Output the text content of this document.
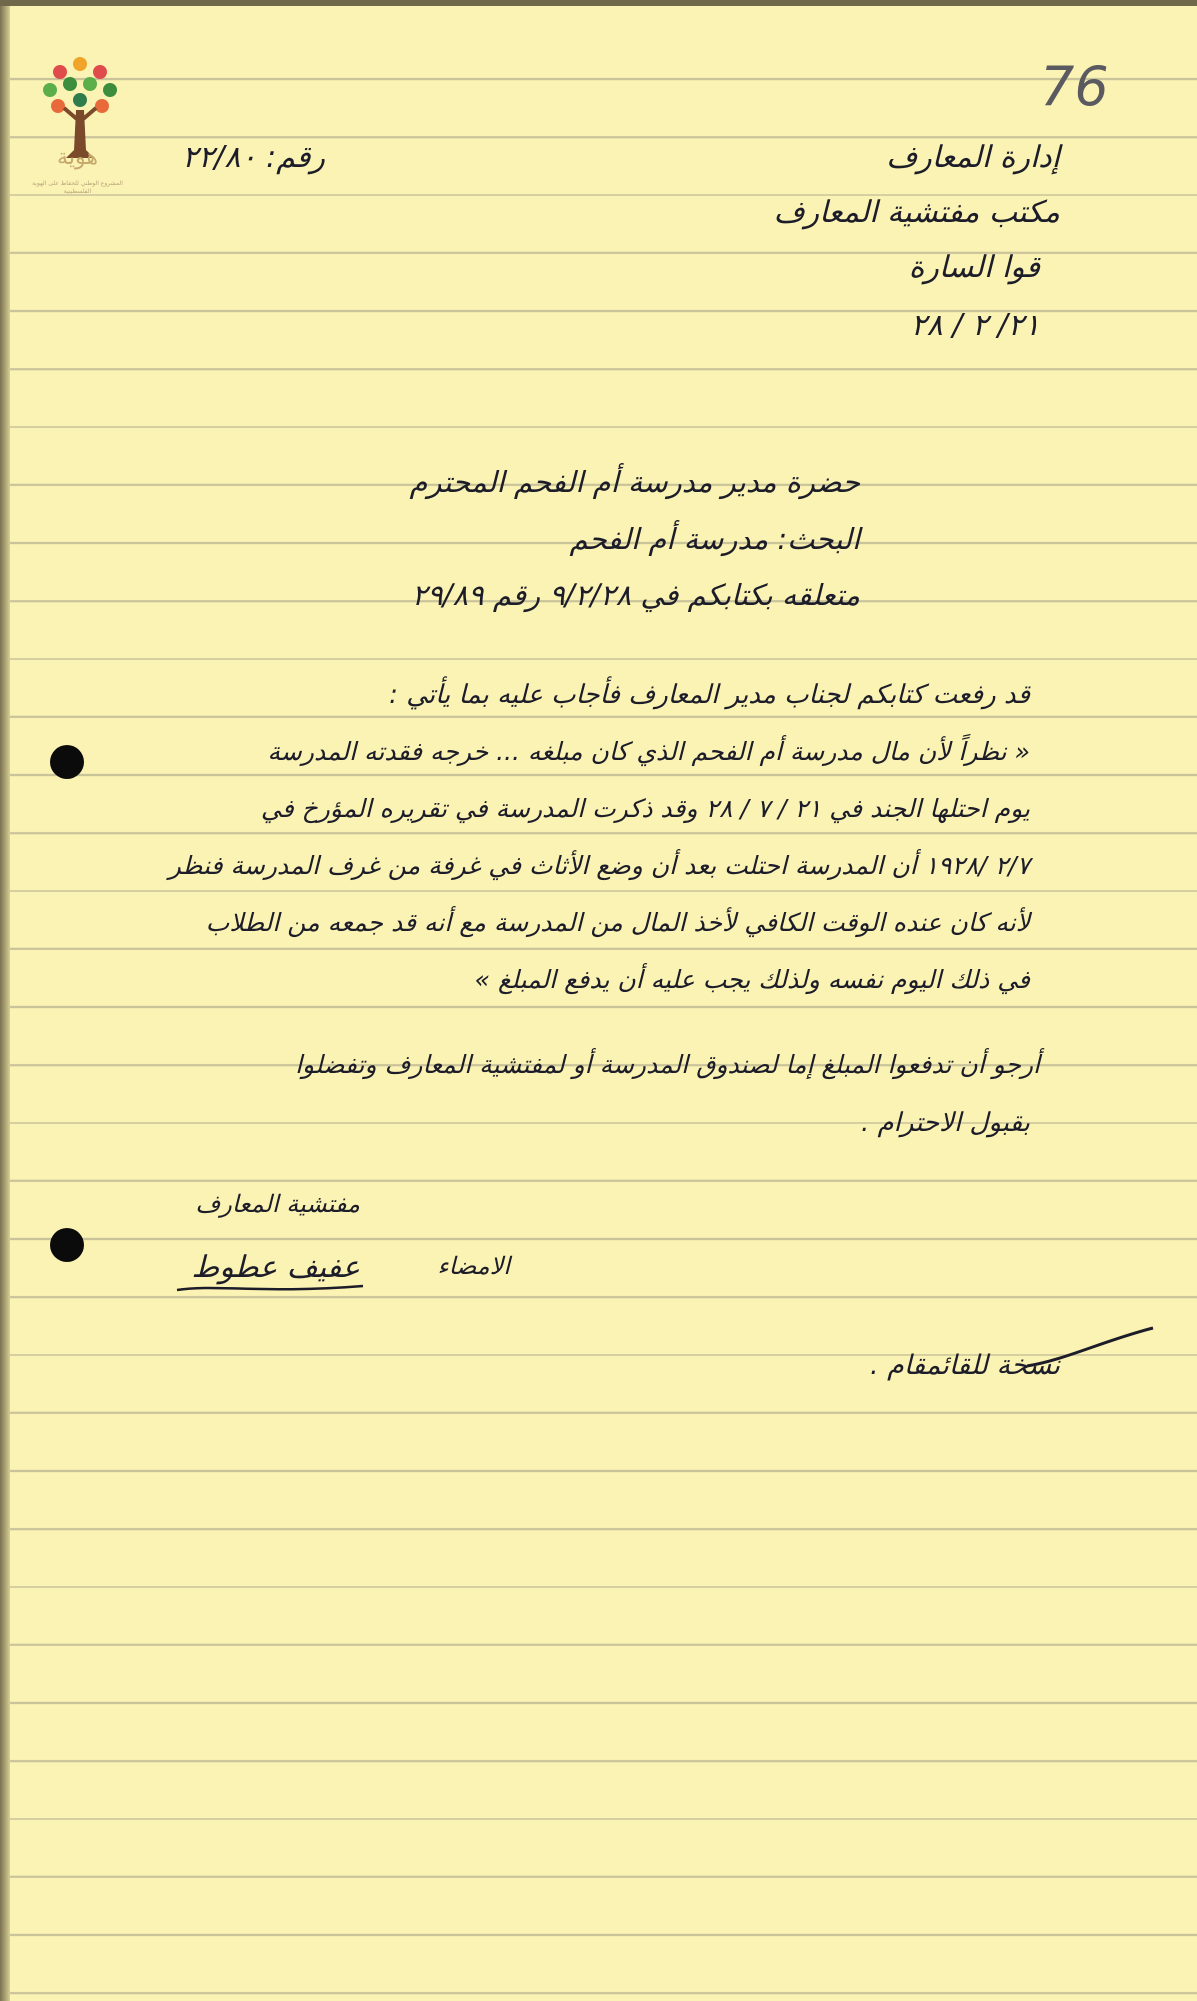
76
هوية
المشروع الوطني للحفاظ على الهوية الفلسطينية
رقم: ٢٢/٨٠	إدارة المعارف
مكتب مفتشية المعارف
قوا السارة
٢١/ ٢ / ٢٨
حضرة مدير مدرسة أم الفحم المحترم
البحث: مدرسة أم الفحم
متعلقه بكتابكم في ٩/٢/٢٨ رقم ٢٩/٨٩
قد رفعت كتابكم لجناب مدير المعارف فأجاب عليه بما يأتي :
« نظراً لأن مال مدرسة أم الفحم الذي كان مبلغه ... خرجه فقدته المدرسة
يوم احتلها الجند في ٢١ / ٧ / ٢٨ وقد ذكرت المدرسة في تقريره المؤرخ في
٢/٧ /١٩٢٨ أن المدرسة احتلت بعد أن وضع الأثاث في غرفة من غرف المدرسة فنظر
لأنه كان عنده الوقت الكافي لأخذ المال من المدرسة مع أنه قد جمعه من الطلاب
في ذلك اليوم نفسه ولذلك يجب عليه أن يدفع المبلغ »
أرجو أن تدفعوا المبلغ إما لصندوق المدرسة أو لمفتشية المعارف وتفضلوا
بقبول الاحترام .
مفتشية المعارف
عفيف عطوط	الامضاء
نسخة للقائمقام .
